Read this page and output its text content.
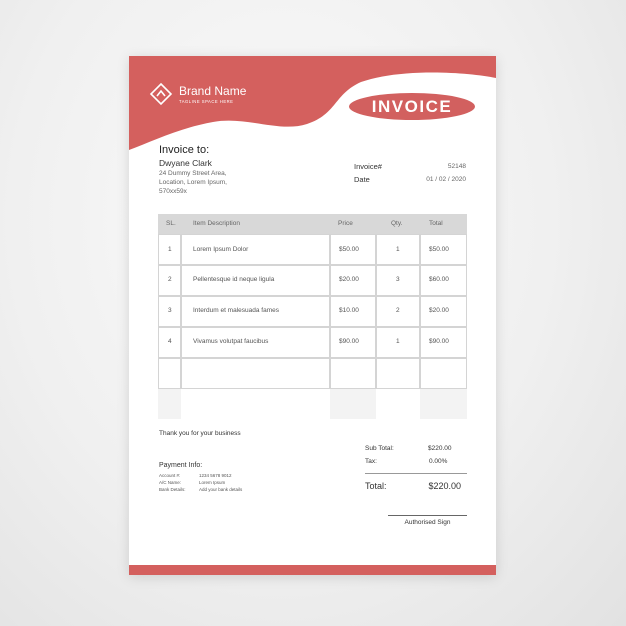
Brand Name
TAGLINE SPACE HERE	INVOICE
Invoice to:
Dwyane Clark
24 Dummy Street Area,
Location, Lorem Ipsum,
570xx59x
Invoice#	52148
Date	01 / 02 / 2020
SL.	Item Description	Price	Qty.	Total
1	Lorem Ipsum Dolor	$50.00	1	$50.00
2	Pellentesque id neque ligula	$20.00	3	$60.00
3	Interdum et malesuada fames	$10.00	2	$20.00
4	Vivamus volutpat faucibus	$90.00	1	$90.00
Thank you for your business
Sub Total:	$220.00
Tax:	0.00%
Total:	$220.00
Payment Info:
Account #:	1234 5678 9012
A/C Name:	Lorem Ipsum
Bank Details:	Add your bank details
Authorised Sign
